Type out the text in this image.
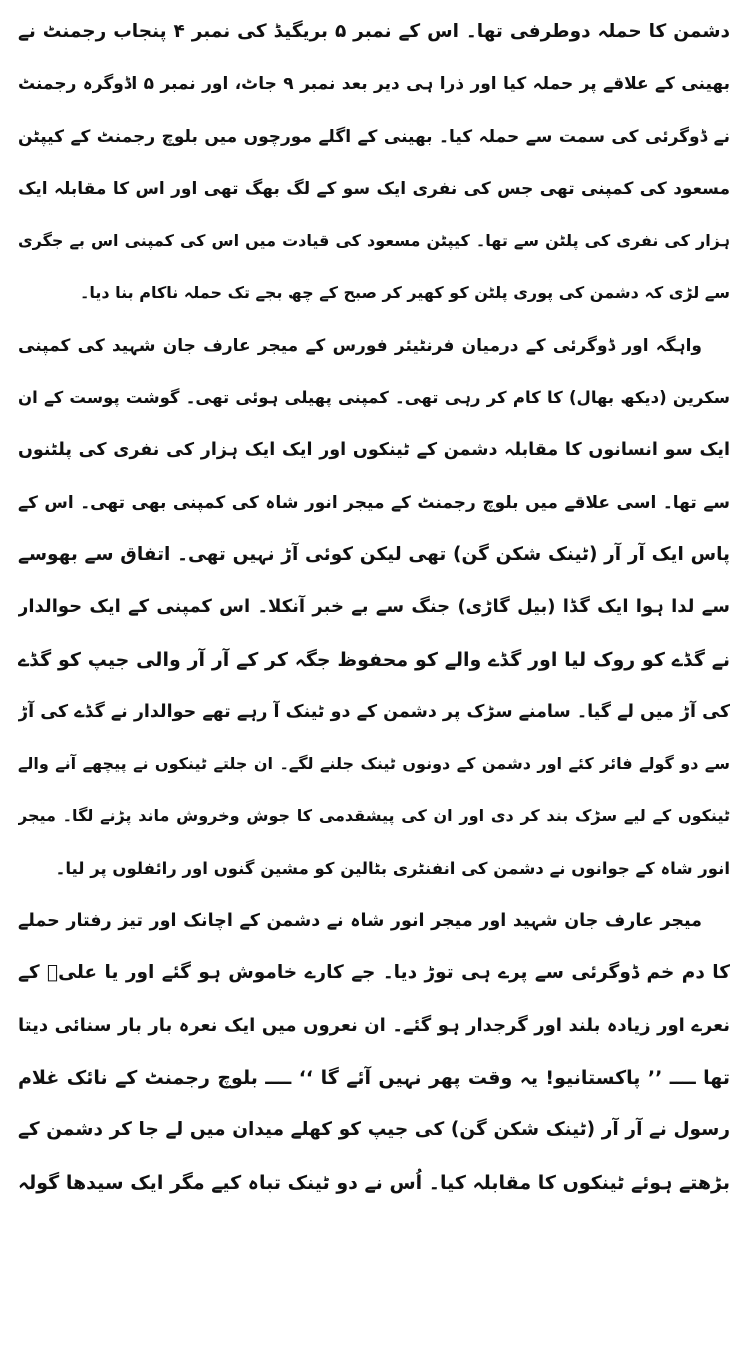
دشمن کا حملہ دوطرفی تھا۔ اس کے نمبر ۵ بریگیڈ کی نمبر ۴ پنجاب رجمنٹ نے
بھینی کے علاقے پر حملہ کیا اور ذرا ہی دیر بعد نمبر ۹ جاٹ، اور نمبر ۵ اڈوگرہ رجمنٹ
نے ڈوگرئی کی سمت سے حملہ کیا۔ بھینی کے اگلے مورچوں میں بلوچ رجمنٹ کے کیپٹن
مسعود کی کمپنی تھی جس کی نفری ایک سو کے لگ بھگ تھی اور اس کا مقابلہ ایک
ہزار کی نفری کی پلٹن سے تھا۔ کیپٹن مسعود کی قیادت میں اس کی کمپنی اس بے جگری
سے لڑی کہ دشمن کی پوری پلٹن کو کھیر کر صبح کے چھ بجے تک حملہ ناکام بنا دیا۔
واہگہ اور ڈوگرئی کے درمیان فرنٹیئر فورس کے میجر عارف جان شہید کی کمپنی
سکرین (دیکھ بھال) کا کام کر رہی تھی۔ کمپنی پھیلی ہوئی تھی۔ گوشت پوست کے ان
ایک سو انسانوں کا مقابلہ دشمن کے ٹینکوں اور ایک ایک ہزار کی نفری کی پلٹنوں
سے تھا۔ اسی علاقے میں بلوچ رجمنٹ کے میجر انور شاہ کی کمپنی بھی تھی۔ اس کے
پاس ایک آر آر (ٹینک شکن گن) تھی لیکن کوئی آڑ نہیں تھی۔ اتفاق سے بھوسے
سے لدا ہوا ایک گڈا (بیل گاڑی) جنگ سے بے خبر آنکلا۔ اس کمپنی کے ایک حوالدار
نے گڈے کو روک لیا اور گڈے والے کو محفوظ جگہ کر کے آر آر والی جیپ کو گڈے
کی آڑ میں لے گیا۔ سامنے سڑک پر دشمن کے دو ٹینک آ رہے تھے حوالدار نے گڈے کی آڑ
سے دو گولے فائر کئے اور دشمن کے دونوں ٹینک جلنے لگے۔ ان جلتے ٹینکوں نے پیچھے آنے والے
ٹینکوں کے لیے سڑک بند کر دی اور ان کی پیشقدمی کا جوش وخروش ماند پڑنے لگا۔ میجر
انور شاہ کے جوانوں نے دشمن کی انفنٹری بٹالین کو مشین گنوں اور رائفلوں پر لیا۔
میجر عارف جان شہید اور میجر انور شاہ نے دشمن کے اچانک اور تیز رفتار حملے
کا دم خم ڈوگرئی سے پرے ہی توڑ دیا۔ جے کارے خاموش ہو گئے اور یا علیؑ کے
نعرے اور زیادہ بلند اور گرجدار ہو گئے۔ ان نعروں میں ایک نعرہ بار بار سنائی دیتا
تھا ــــ ’’ پاکستانیو! یہ وقت پھر نہیں آئے گا ‘‘ ــــ بلوچ رجمنٹ کے نائک غلام
رسول نے آر آر (ٹینک شکن گن) کی جیپ کو کھلے میدان میں لے جا کر دشمن کے
بڑھتے ہوئے ٹینکوں کا مقابلہ کیا۔ اُس نے دو ٹینک تباہ کیے مگر ایک سیدھا گولہ
